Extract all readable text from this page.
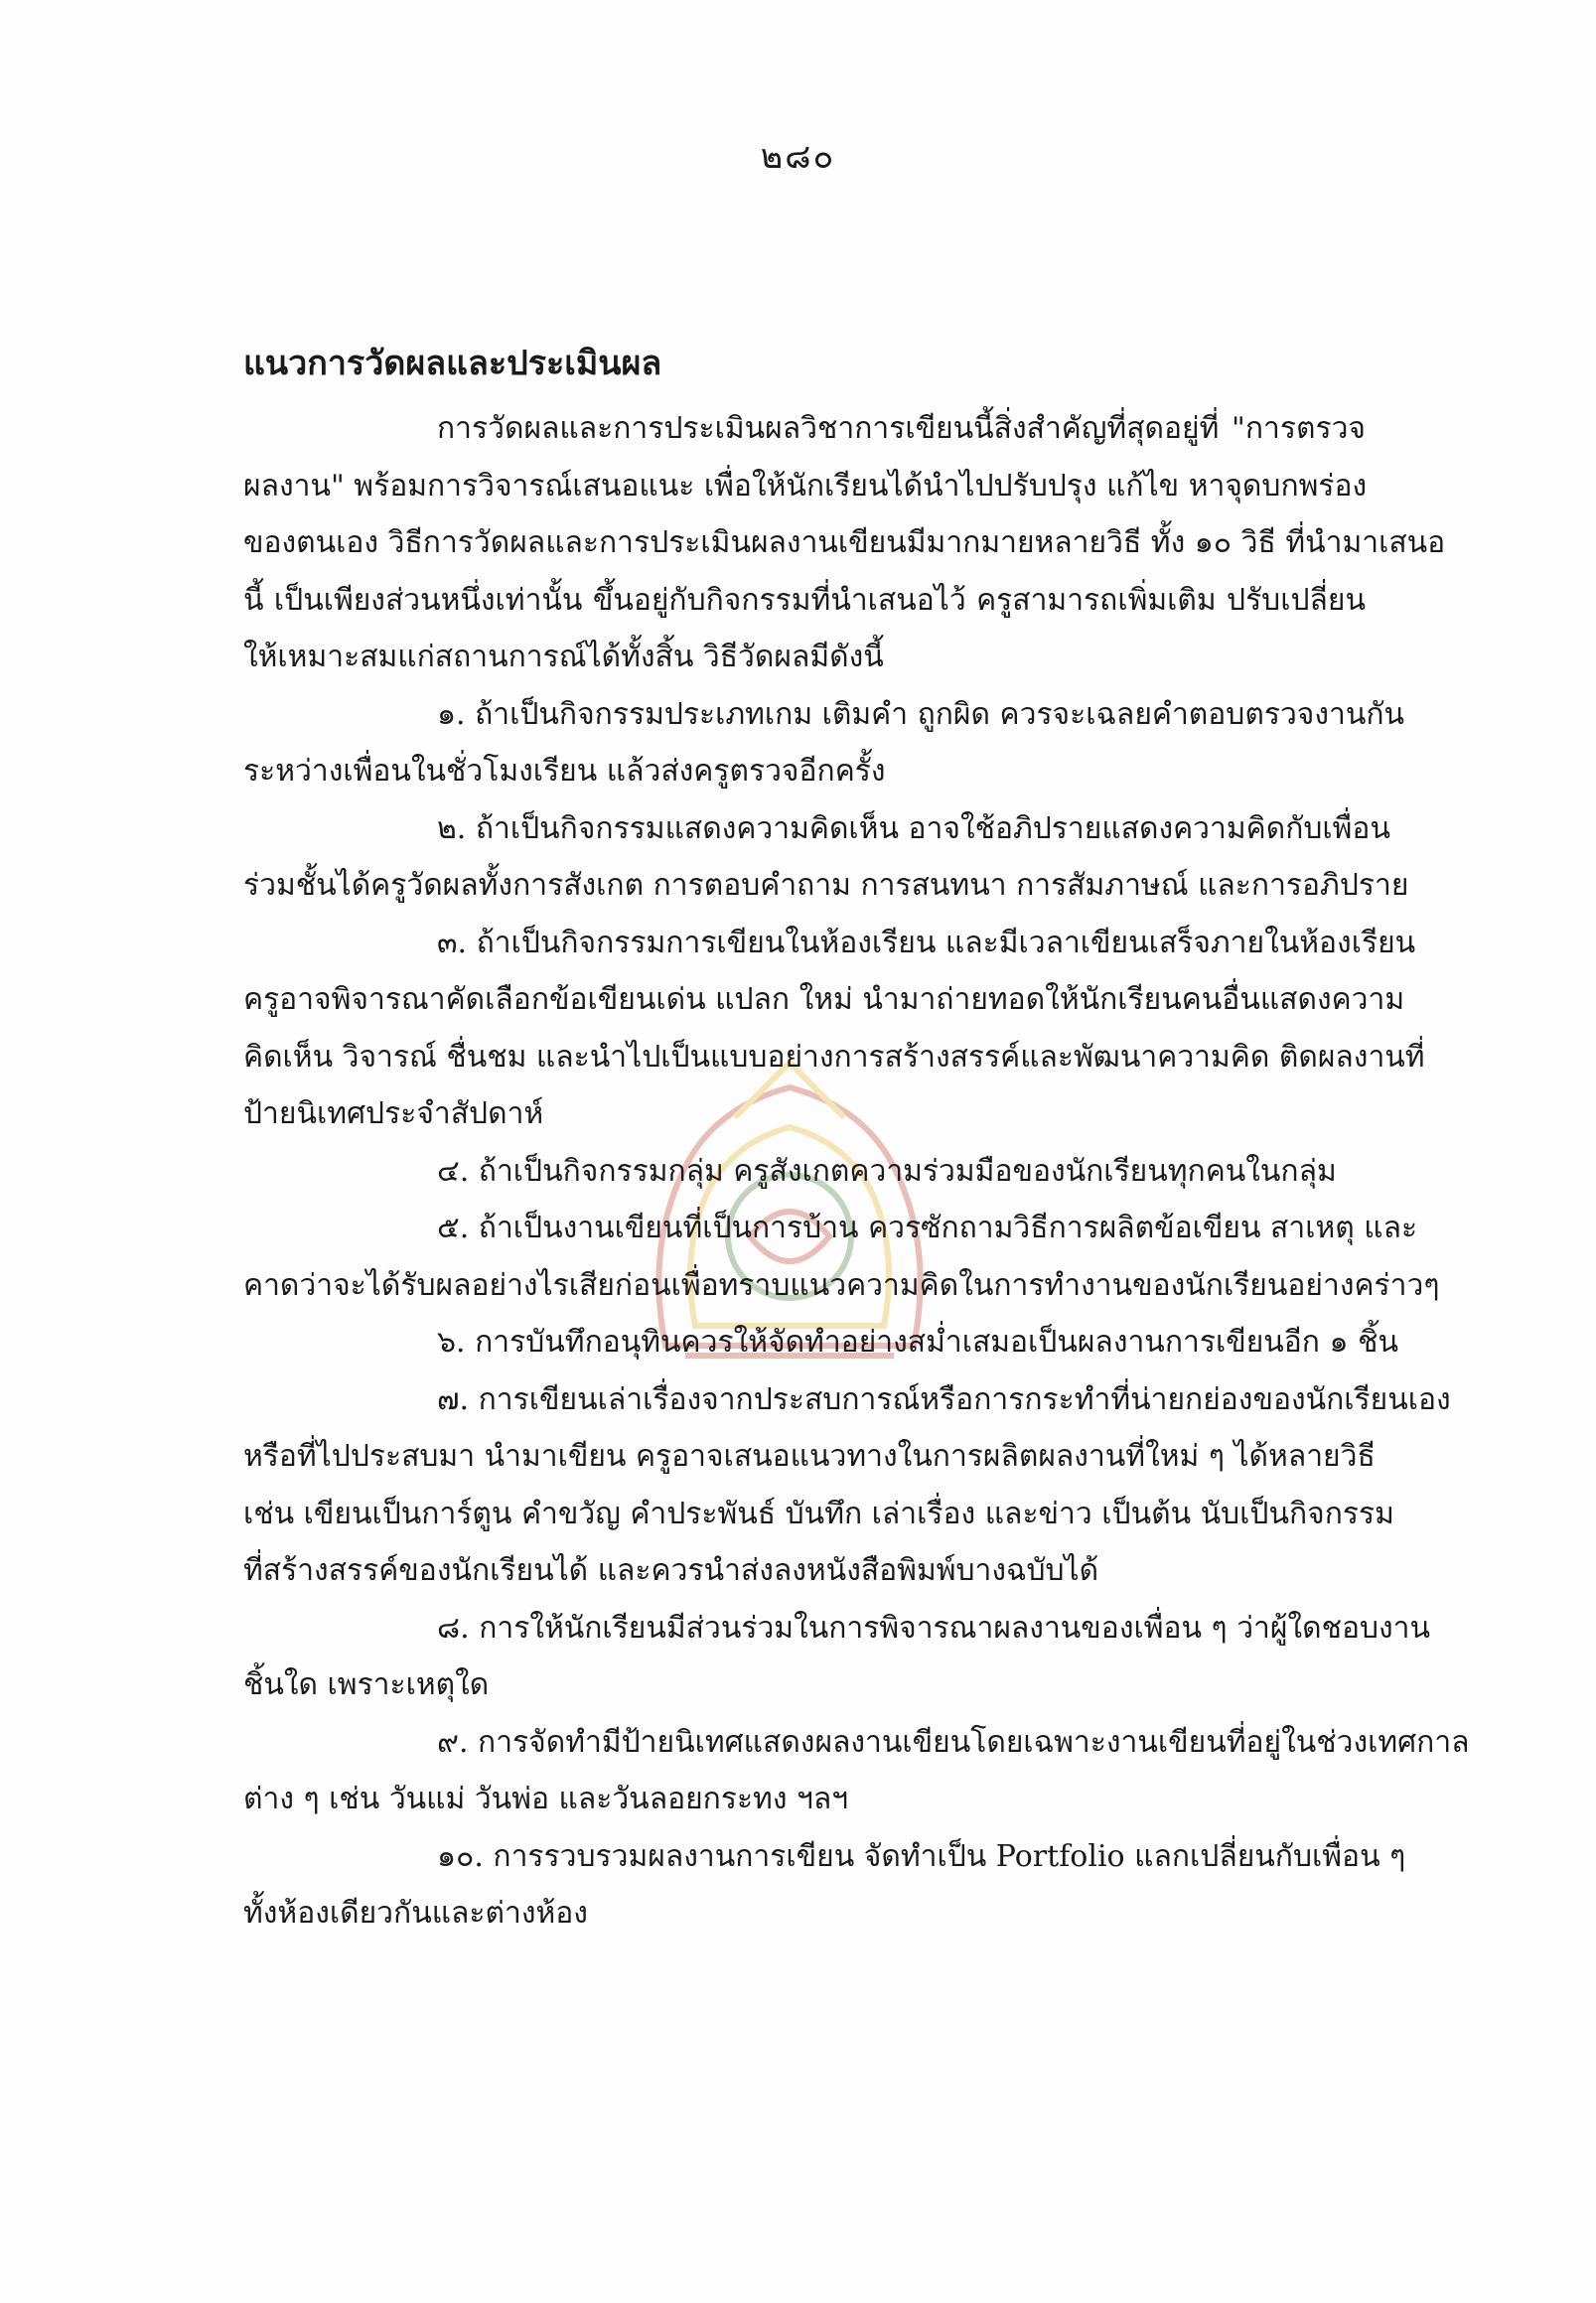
๒๘๐
แนวการวัดผลและประเมินผล
การวัดผลและการประเมินผลวิชาการเขียนนี้สิ่งสำคัญที่สุดอยู่ที่ "การตรวจ
ผลงาน" พร้อมการวิจารณ์เสนอแนะ เพื่อให้นักเรียนได้นำไปปรับปรุง แก้ไข หาจุดบกพร่อง
ของตนเอง วิธีการวัดผลและการประเมินผลงานเขียนมีมากมายหลายวิธี ทั้ง ๑๐ วิธี ที่นำมาเสนอ
นี้ เป็นเพียงส่วนหนึ่งเท่านั้น ขึ้นอยู่กับกิจกรรมที่นำเสนอไว้ ครูสามารถเพิ่มเติม ปรับเปลี่ยน
ให้เหมาะสมแก่สถานการณ์ได้ทั้งสิ้น วิธีวัดผลมีดังนี้
๑. ถ้าเป็นกิจกรรมประเภทเกม เติมคำ ถูกผิด ควรจะเฉลยคำตอบตรวจงานกัน
ระหว่างเพื่อนในชั่วโมงเรียน แล้วส่งครูตรวจอีกครั้ง
๒. ถ้าเป็นกิจกรรมแสดงความคิดเห็น อาจใช้อภิปรายแสดงความคิดกับเพื่อน
ร่วมชั้นได้ครูวัดผลทั้งการสังเกต การตอบคำถาม การสนทนา การสัมภาษณ์ และการอภิปราย
๓. ถ้าเป็นกิจกรรมการเขียนในห้องเรียน และมีเวลาเขียนเสร็จภายในห้องเรียน
ครูอาจพิจารณาคัดเลือกข้อเขียนเด่น แปลก ใหม่ นำมาถ่ายทอดให้นักเรียนคนอื่นแสดงความ
คิดเห็น วิจารณ์ ชื่นชม และนำไปเป็นแบบอย่างการสร้างสรรค์และพัฒนาความคิด ติดผลงานที่
ป้ายนิเทศประจำสัปดาห์
๔. ถ้าเป็นกิจกรรมกลุ่ม ครูสังเกตความร่วมมือของนักเรียนทุกคนในกลุ่ม
๕. ถ้าเป็นงานเขียนที่เป็นการบ้าน ควรซักถามวิธีการผลิตข้อเขียน สาเหตุ และ
คาดว่าจะได้รับผลอย่างไรเสียก่อนเพื่อทราบแนวความคิดในการทำงานของนักเรียนอย่างคร่าวๆ
๖. การบันทึกอนุทินควรให้จัดทำอย่างสม่ำเสมอเป็นผลงานการเขียนอีก ๑ ชิ้น
๗. การเขียนเล่าเรื่องจากประสบการณ์หรือการกระทำที่น่ายกย่องของนักเรียนเอง
หรือที่ไปประสบมา นำมาเขียน ครูอาจเสนอแนวทางในการผลิตผลงานที่ใหม่ ๆ ได้หลายวิธี
เช่น เขียนเป็นการ์ตูน คำขวัญ คำประพันธ์ บันทึก เล่าเรื่อง และข่าว เป็นต้น นับเป็นกิจกรรม
ที่สร้างสรรค์ของนักเรียนได้ และควรนำส่งลงหนังสือพิมพ์บางฉบับได้
๘. การให้นักเรียนมีส่วนร่วมในการพิจารณาผลงานของเพื่อน ๆ ว่าผู้ใดชอบงาน
ชิ้นใด เพราะเหตุใด
๙. การจัดทำมีป้ายนิเทศแสดงผลงานเขียนโดยเฉพาะงานเขียนที่อยู่ในช่วงเทศกาล
ต่าง ๆ เช่น วันแม่ วันพ่อ และวันลอยกระทง ฯลฯ
๑๐. การรวบรวมผลงานการเขียน จัดทำเป็น Portfolio แลกเปลี่ยนกับเพื่อน ๆ
ทั้งห้องเดียวกันและต่างห้อง
